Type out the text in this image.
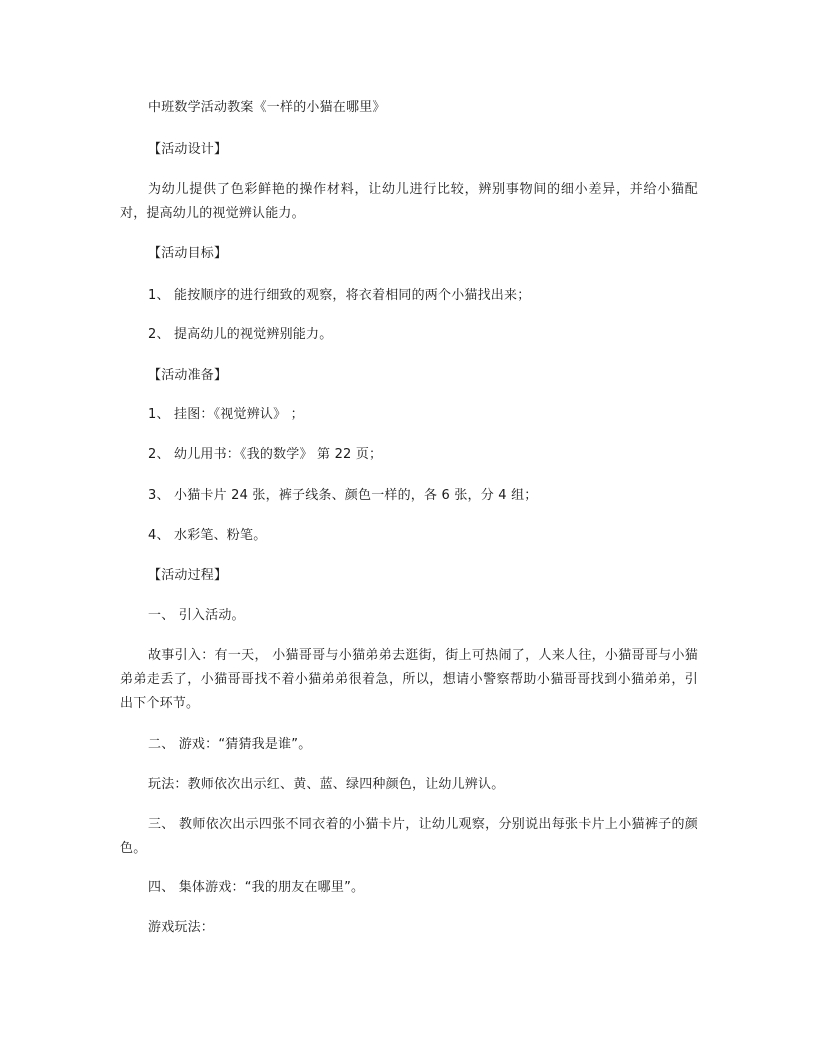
中班数学活动教案《一样的小猫在哪里》
【活动设计】
为幼儿提供了色彩鲜艳的操作材料，让幼儿进行比较，辨别事物间的细小差异，并给小猫配对，提高幼儿的视觉辨认能力。
【活动目标】
1、 能按顺序的进行细致的观察，将衣着相同的两个小猫找出来；
2、 提高幼儿的视觉辨别能力。
【活动准备】
1、 挂图：《视觉辨认》 ；
2、 幼儿用书：《我的数学》 第 22 页；
3、 小猫卡片 24 张，裤子线条、颜色一样的，各 6 张，分 4 组；
4、 水彩笔、粉笔。
【活动过程】
一、 引入活动。
故事引入：有一天， 小猫哥哥与小猫弟弟去逛街，街上可热闹了，人来人往，小猫哥哥与小猫弟弟走丢了，小猫哥哥找不着小猫弟弟很着急，所以，想请小警察帮助小猫哥哥找到小猫弟弟，引出下个环节。
二、 游戏：“猜猜我是谁”。
玩法：教师依次出示红、黄、蓝、绿四种颜色，让幼儿辨认。
三、 教师依次出示四张不同衣着的小猫卡片，让幼儿观察，分别说出每张卡片上小猫裤子的颜色。
四、 集体游戏：“我的朋友在哪里”。
游戏玩法：
